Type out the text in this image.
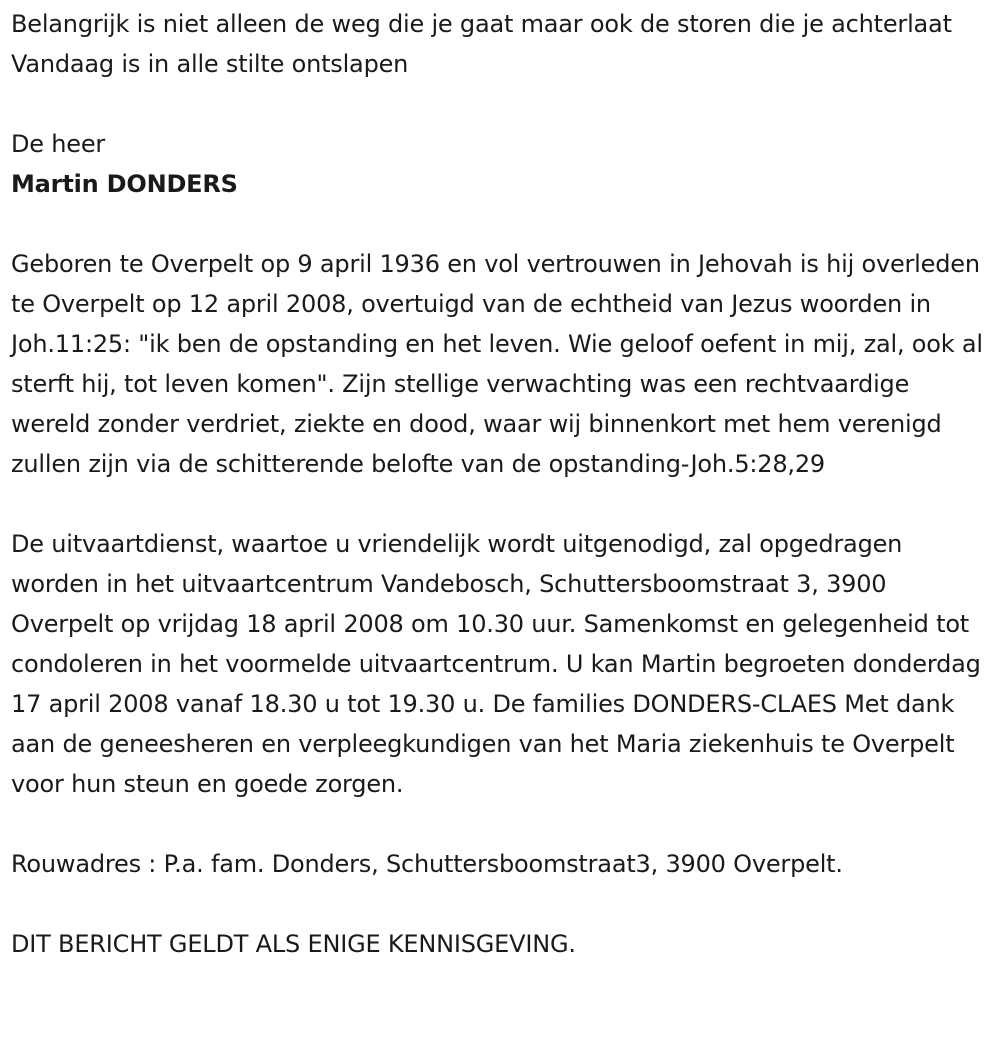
Belangrijk is niet alleen de weg die je gaat maar ook de storen die je achterlaat Vandaag is in alle stilte ontslapen

De heer

Martin DONDERS

Geboren te Overpelt op 9 april 1936 en vol vertrouwen in Jehovah is hij overleden te Overpelt op 12 april 2008, overtuigd van de echtheid van Jezus woorden in Joh.11:25: "ik ben de opstanding en het leven. Wie geloof oefent in mij, zal, ook al sterft hij, tot leven komen". Zijn stellige verwachting was een rechtvaardige wereld zonder verdriet, ziekte en dood, waar wij binnenkort met hem verenigd zullen zijn via de schitterende belofte van de opstanding-Joh.5:28,29

De uitvaartdienst, waartoe u vriendelijk wordt uitgenodigd, zal opgedragen worden in het uitvaartcentrum Vandebosch, Schuttersboomstraat 3, 3900 Overpelt op vrijdag 18 april 2008 om 10.30 uur. Samenkomst en gelegenheid tot condoleren in het voormelde uitvaartcentrum. U kan Martin begroeten donderdag 17 april 2008 vanaf 18.30 u tot 19.30 u. De families DONDERS-CLAES Met dank aan de geneesheren en verpleegkundigen van het Maria ziekenhuis te Overpelt voor hun steun en goede zorgen.

Rouwadres : P.a. fam. Donders, Schuttersboomstraat3, 3900 Overpelt.

DIT BERICHT GELDT ALS ENIGE KENNISGEVING.
